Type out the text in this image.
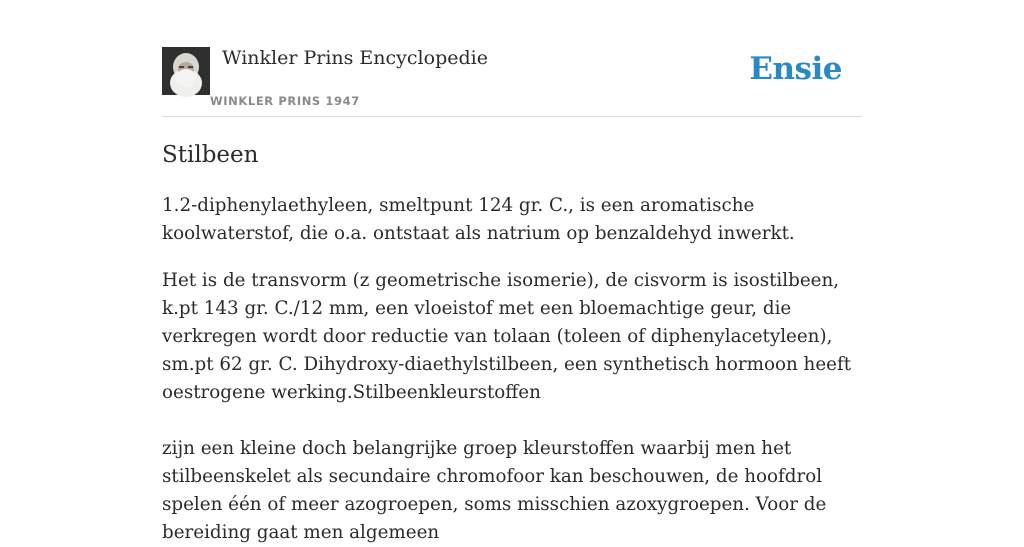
Winkler Prins Encyclopedie
WINKLER PRINS 1947
Ensie
Stilbeen

1.2-diphenylaethyleen, smeltpunt 124 gr. C., is een aromatische koolwaterstof, die o.a. ontstaat als natrium op benzaldehyd inwerkt.

Het is de transvorm (z geometrische isomerie), de cisvorm is isostilbeen, k.pt 143 gr. C./12 mm, een vloeistof met een bloemachtige geur, die verkregen wordt door reductie van tolaan (toleen of diphenylacetyleen), sm.pt 62 gr. C. Dihydroxy-diaethylstilbeen, een synthetisch hormoon heeft oestrogene werking.Stilbeenkleurstoffen

zijn een kleine doch belangrijke groep kleurstoffen waarbij men het stilbeenskelet als secundaire chromofoor kan beschouwen, de hoofdrol spelen één of meer azogroepen, soms misschien azoxygroepen. Voor de bereiding gaat men algemeen
